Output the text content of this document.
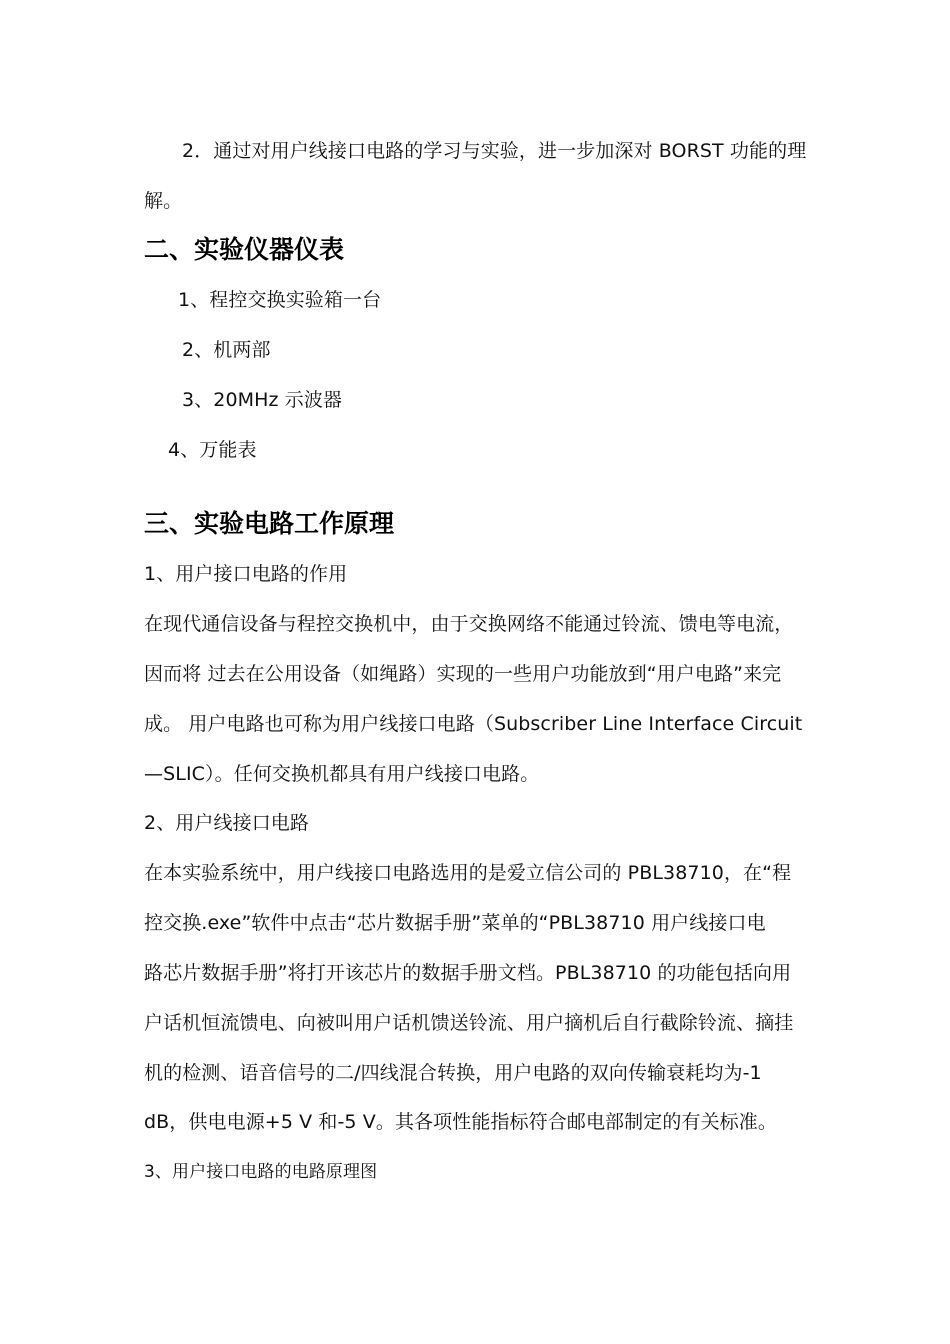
2．通过对用户线接口电路的学习与实验，进一步加深对 BORST 功能的理
解。
二、实验仪器仪表
1、程控交换实验箱一台
2、机两部
3、20MHz 示波器
4、万能表
三、实验电路工作原理
1、用户接口电路的作用
在现代通信设备与程控交换机中，由于交换网络不能通过铃流、馈电等电流，
因而将 过去在公用设备（如绳路）实现的一些用户功能放到“用户电路”来完
成。 用户电路也可称为用户线接口电路（Subscriber Line Interface Circuit
—SLIC）。任何交换机都具有用户线接口电路。
2、用户线接口电路
在本实验系统中，用户线接口电路选用的是爱立信公司的 PBL38710，在“程
控交换.exe”软件中点击“芯片数据手册”菜单的“PBL38710 用户线接口电
路芯片数据手册”将打开该芯片的数据手册文档。PBL38710 的功能包括向用
户话机恒流馈电、向被叫用户话机馈送铃流、用户摘机后自行截除铃流、摘挂
机的检测、语音信号的二/四线混合转换，用户电路的双向传输衰耗均为-1
dB，供电电源+5 V 和-5 V。其各项性能指标符合邮电部制定的有关标准。
3、用户接口电路的电路原理图
